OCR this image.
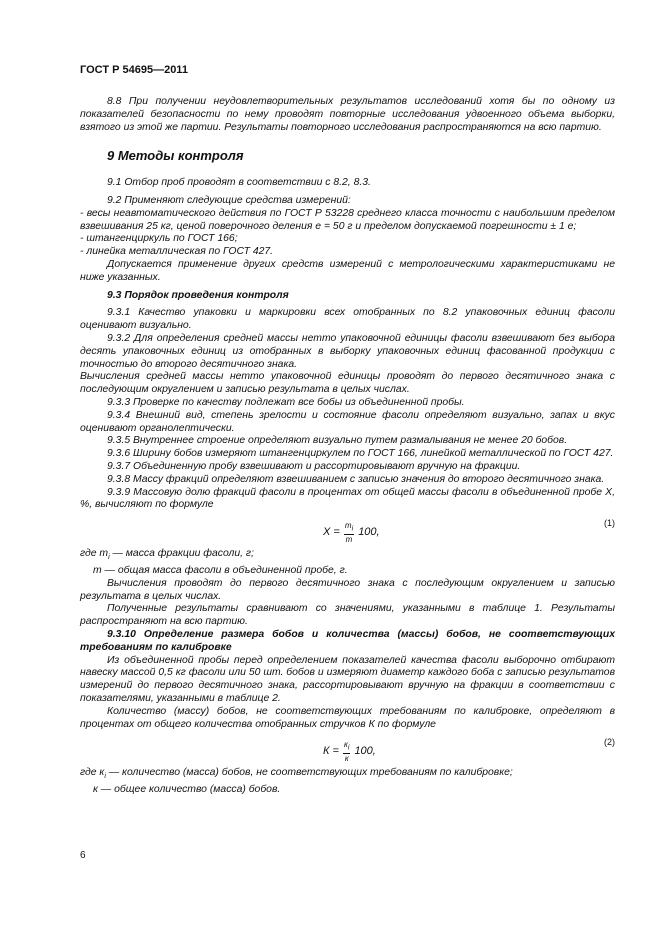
ГОСТ Р 54695—2011

8.8 При получении неудовлетворительных результатов исследований хотя бы по одному из показателей безопасности по нему проводят повторные исследования удвоенного объема выборки, взятого из этой же партии. Результаты повторного исследования распространяются на всю партию.

9 Методы контроля

9.1 Отбор проб проводят в соответствии с 8.2, 8.3.

9.2 Применяют следующие средства измерений:

- весы неавтоматического действия по ГОСТ Р 53228 среднего класса точности с наибольшим пределом взвешивания 25 кг, ценой поверочного деления е = 50 г и пределом допускаемой погрешности ± 1 е;

- штангенциркуль по ГОСТ 166;

- линейка металлическая по ГОСТ 427.

Допускается применение других средств измерений с метрологическими характеристиками не ниже указанных.

9.3 Порядок проведения контроля

9.3.1 Качество упаковки и маркировки всех отобранных по 8.2 упаковочных единиц фасоли оценивают визуально.

9.3.2 Для определения средней массы нетто упаковочной единицы фасоли взвешивают без выбора десять упаковочных единиц из отобранных в выборку упаковочных единиц фасованной продукции с точностью до второго десятичного знака.

Вычисления средней массы нетто упаковочной единицы проводят до первого десятичного знака с последующим округлением и записью результата в целых числах.

9.3.3 Проверке по качеству подлежат все бобы из объединенной пробы.

9.3.4 Внешний вид, степень зрелости и состояние фасоли определяют визуально, запах и вкус оценивают органолептически.

9.3.5 Внутреннее строение определяют визуально путем размалывания не менее 20 бобов.

9.3.6 Ширину бобов измеряют штангенциркулем по ГОСТ 166, линейкой металлической по ГОСТ 427.

9.3.7 Объединенную пробу взвешивают и рассортировывают вручную на фракции.

9.3.8 Массу фракций определяют взвешиванием с записью значения до второго десятичного знака.

9.3.9 Массовую долю фракций фасоли в процентах от общей массы фасоли в объединенной пробе Х, %, вычисляют по формуле

$X = \frac{m_i}{m} 100$,
(1)

где $m_i$ — масса фракции фасоли, г;

m — общая масса фасоли в объединенной пробе, г.

Вычисления проводят до первого десятичного знака с последующим округлением и записью результата в целых числах.

Полученные результаты сравнивают со значениями, указанными в таблице 1. Результаты распространяют на всю партию.

9.3.10 Определение размера бобов и количества (массы) бобов, не соответствующих требованиям по калибровке

Из объединенной пробы перед определением показателей качества фасоли выборочно отбирают навеску массой 0,5 кг фасоли или 50 шт. бобов и измеряют диаметр каждого боба с записью результатов измерений до первого десятичного знака, рассортировывают вручную на фракции в соответствии с показателями, указанными в таблице 2.

Количество (массу) бобов, не соответствующих требованиям по калибровке, определяют в процентах от общего количества отобранных стручков К по формуле

$К = \frac{к_i}{к} 100$,
(2)

где $к_i$ — количество (масса) бобов, не соответствующих требованиям по калибровке;

к — общее количество (масса) бобов.

6
